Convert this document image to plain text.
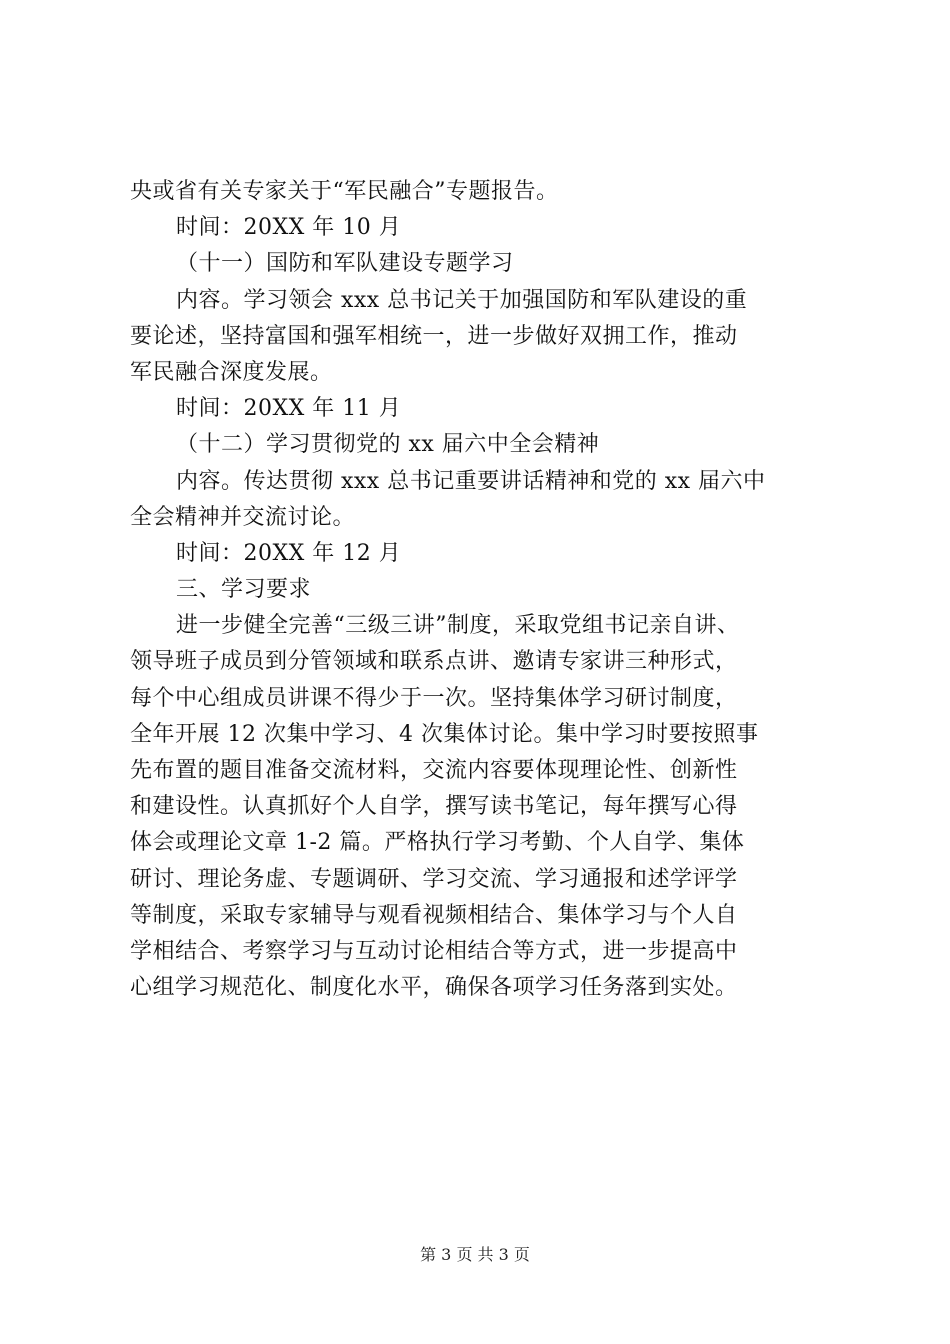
央或省有关专家关于“军民融合”专题报告。
时间：20XX 年 10 月
（十一）国防和军队建设专题学习
内容。学习领会 xxx 总书记关于加强国防和军队建设的重
要论述，坚持富国和强军相统一，进一步做好双拥工作，推动
军民融合深度发展。
时间：20XX 年 11 月
（十二）学习贯彻党的 xx 届六中全会精神
内容。传达贯彻 xxx 总书记重要讲话精神和党的 xx 届六中
全会精神并交流讨论。
时间：20XX 年 12 月
三、学习要求
进一步健全完善“三级三讲”制度，采取党组书记亲自讲、
领导班子成员到分管领域和联系点讲、邀请专家讲三种形式，
每个中心组成员讲课不得少于一次。坚持集体学习研讨制度，
全年开展 12 次集中学习、4 次集体讨论。集中学习时要按照事
先布置的题目准备交流材料，交流内容要体现理论性、创新性
和建设性。认真抓好个人自学，撰写读书笔记，每年撰写心得
体会或理论文章 1-2 篇。严格执行学习考勤、个人自学、集体
研讨、理论务虚、专题调研、学习交流、学习通报和述学评学
等制度，采取专家辅导与观看视频相结合、集体学习与个人自
学相结合、考察学习与互动讨论相结合等方式，进一步提高中
心组学习规范化、制度化水平，确保各项学习任务落到实处。
第 3 页 共 3 页
